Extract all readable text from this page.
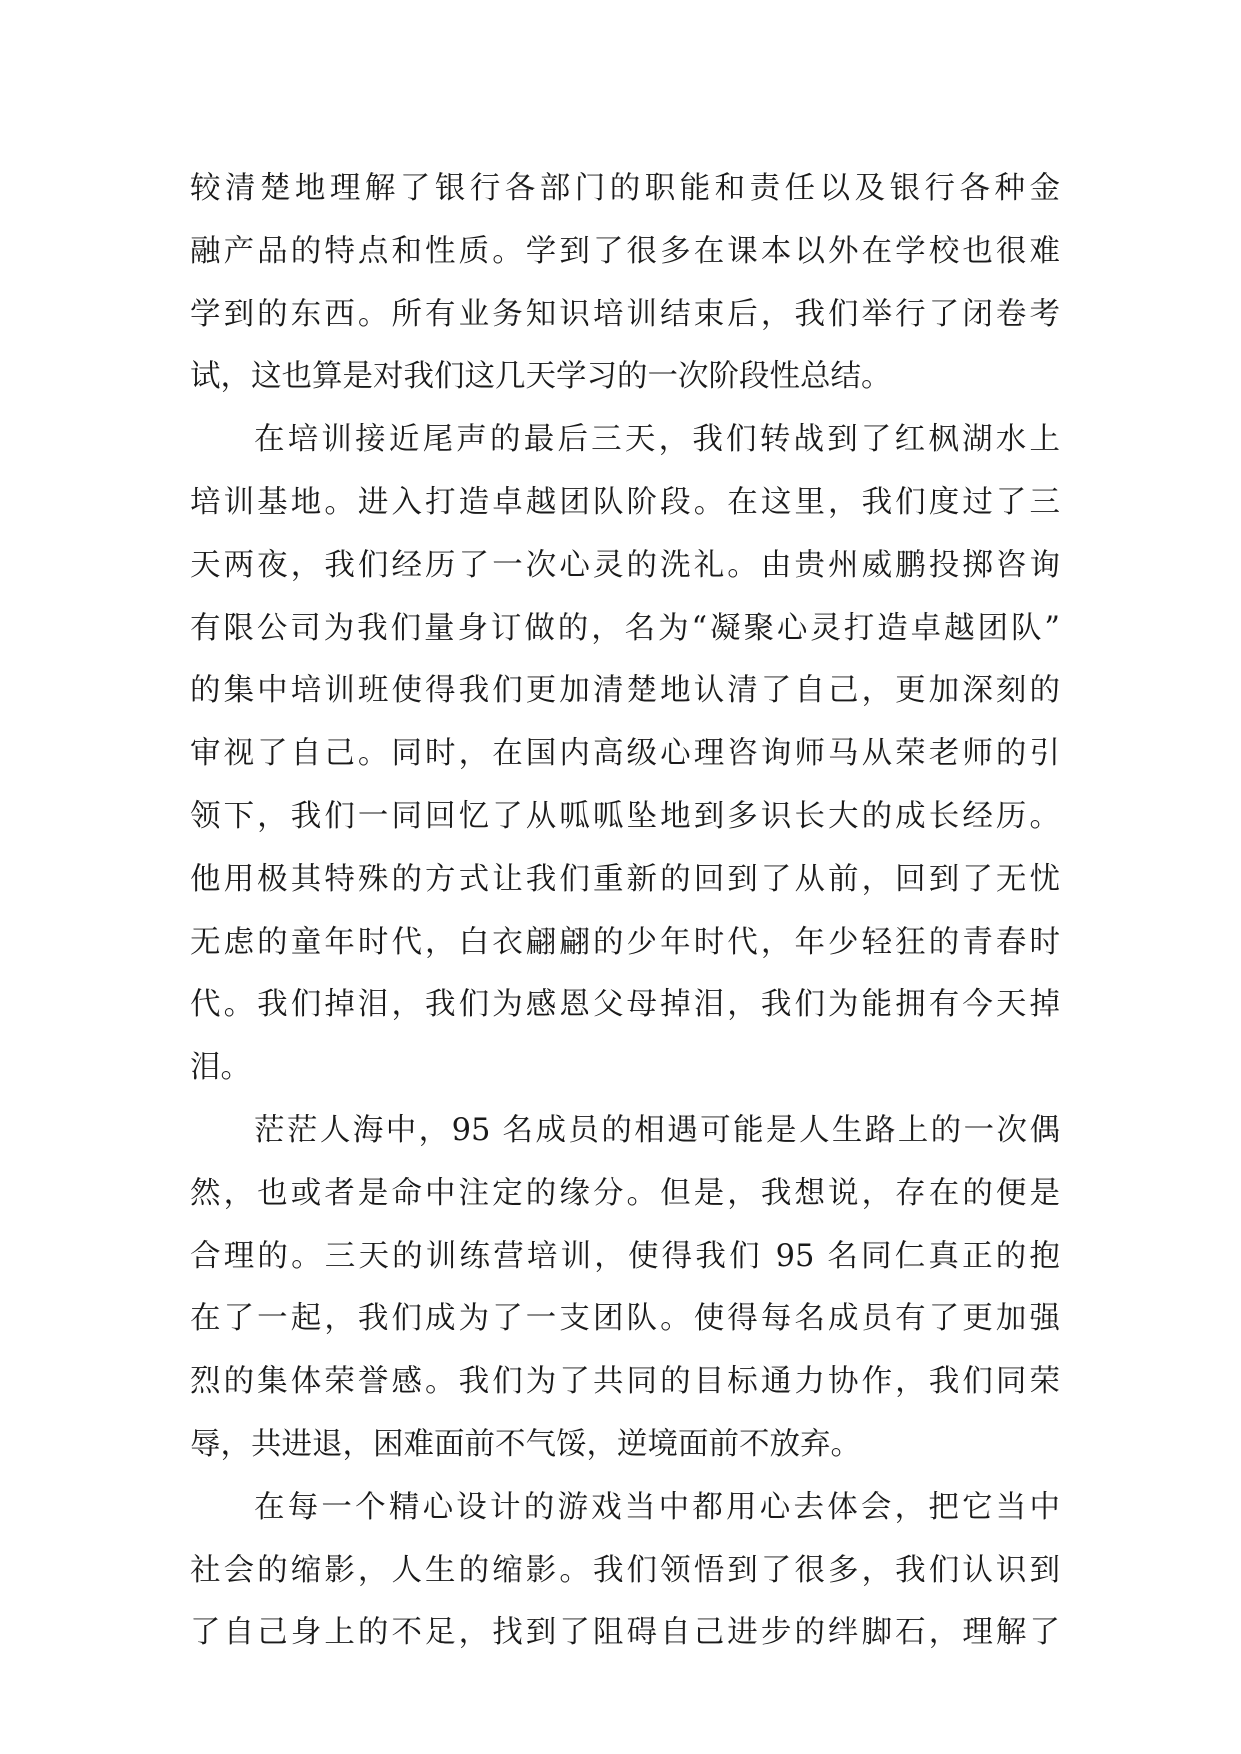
较清楚地理解了银行各部门的职能和责任以及银行各种金
融产品的特点和性质。学到了很多在课本以外在学校也很难
学到的东西。所有业务知识培训结束后，我们举行了闭卷考
试，这也算是对我们这几天学习的一次阶段性总结。
在培训接近尾声的最后三天，我们转战到了红枫湖水上
培训基地。进入打造卓越团队阶段。在这里，我们度过了三
天两夜，我们经历了一次心灵的洗礼。由贵州威鹏投掷咨询
有限公司为我们量身订做的，名为“凝聚心灵打造卓越团队”
的集中培训班使得我们更加清楚地认清了自己，更加深刻的
审视了自己。同时，在国内高级心理咨询师马从荣老师的引
领下，我们一同回忆了从呱呱坠地到多识长大的成长经历。
他用极其特殊的方式让我们重新的回到了从前，回到了无忧
无虑的童年时代，白衣翩翩的少年时代，年少轻狂的青春时
代。我们掉泪，我们为感恩父母掉泪，我们为能拥有今天掉
泪。
茫茫人海中，95 名成员的相遇可能是人生路上的一次偶
然，也或者是命中注定的缘分。但是，我想说，存在的便是
合理的。三天的训练营培训，使得我们 95 名同仁真正的抱
在了一起，我们成为了一支团队。使得每名成员有了更加强
烈的集体荣誉感。我们为了共同的目标通力协作，我们同荣
辱，共进退，困难面前不气馁，逆境面前不放弃。
在每一个精心设计的游戏当中都用心去体会，把它当中
社会的缩影，人生的缩影。我们领悟到了很多，我们认识到
了自己身上的不足，找到了阻碍自己进步的绊脚石，理解了
